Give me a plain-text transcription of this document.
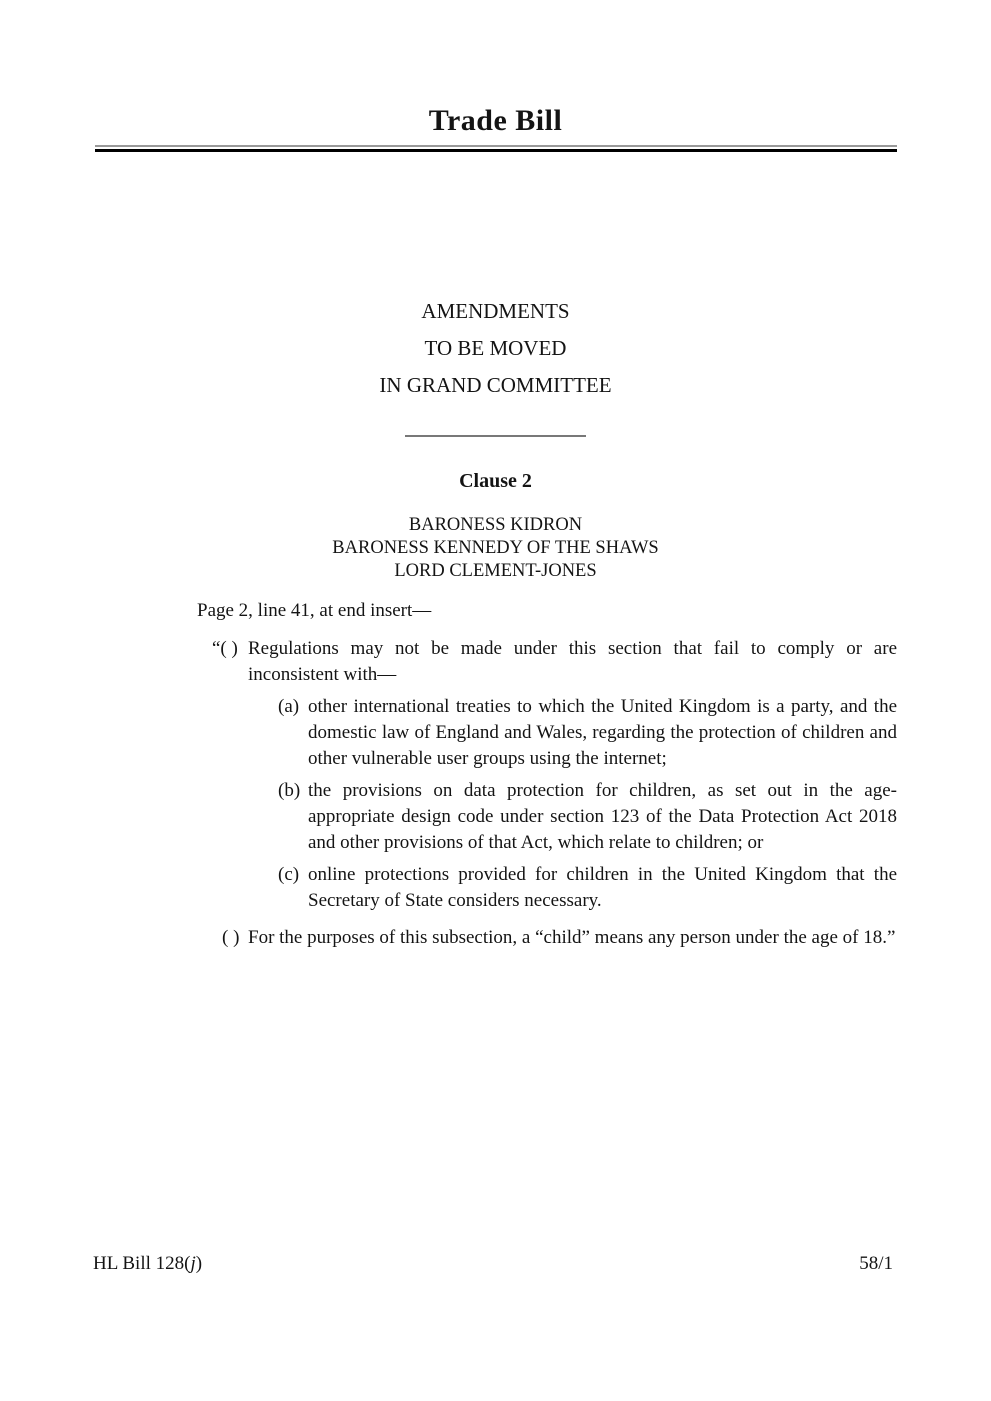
Trade Bill
AMENDMENTS
TO BE MOVED
IN GRAND COMMITTEE
Clause 2
BARONESS KIDRON
BARONESS KENNEDY OF THE SHAWS
LORD CLEMENT-JONES

Page 2, line 41, at end insert—

“( ) Regulations may not be made under this section that fail to comply or are inconsistent with—
(a) other international treaties to which the United Kingdom is a party, and the domestic law of England and Wales, regarding the protection of children and other vulnerable user groups using the internet;
(b) the provisions on data protection for children, as set out in the age-appropriate design code under section 123 of the Data Protection Act 2018 and other provisions of that Act, which relate to children; or
(c) online protections provided for children in the United Kingdom that the Secretary of State considers necessary.
( ) For the purposes of this subsection, a “child” means any person under the age of 18.”
HL Bill 128(j)	58/1
